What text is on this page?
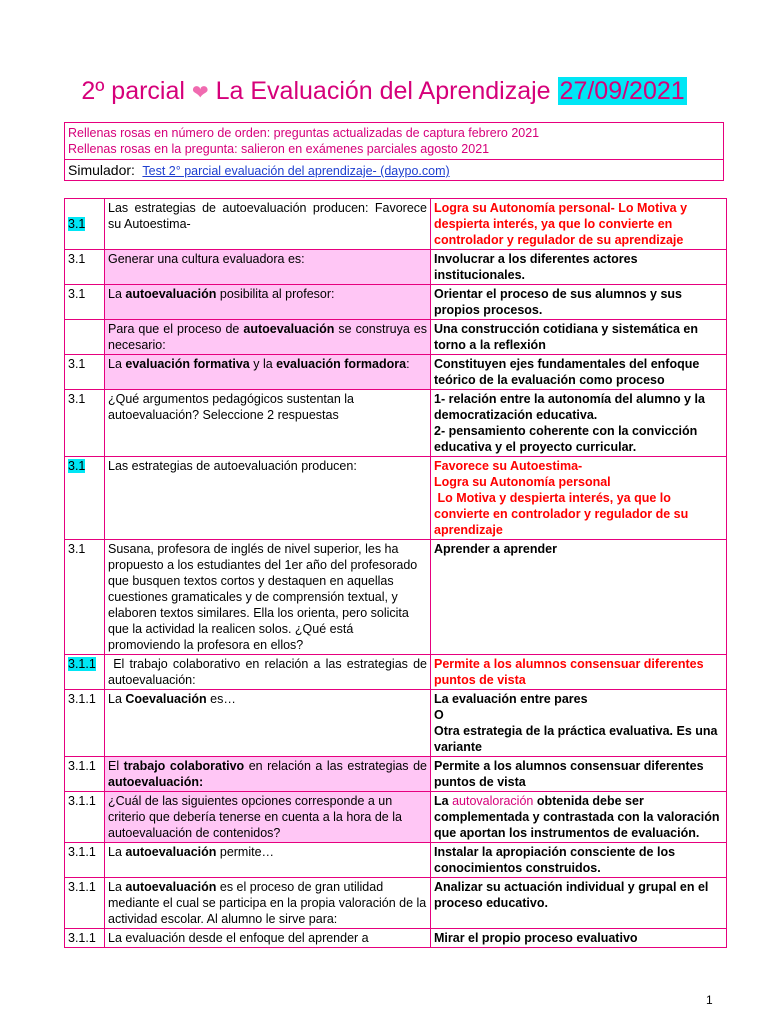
2º parcial ❤ La Evaluación del Aprendizaje 27/09/2021
Rellenas rosas en número de orden: preguntas actualizadas de captura febrero 2021
Rellenas rosas en la pregunta: salieron en exámenes parciales agosto 2021

Simulador: Test 2° parcial evaluación del aprendizaje- (daypo.com)
3.1	Las estrategias de autoevaluación producen: Favorece su Autoestima-	Logra su Autonomía personal- Lo Motiva y despierta interés, ya que lo convierte en controlador y regulador de su aprendizaje
3.1	Generar una cultura evaluadora es:	Involucrar a los diferentes actores institucionales.
3.1	La autoevaluación posibilita al profesor:	Orientar el proceso de sus alumnos y sus propios procesos.
	Para que el proceso de autoevaluación se construya es necesario:	Una construcción cotidiana y sistemática en torno a la reflexión
3.1	La evaluación formativa y la evaluación formadora:	Constituyen ejes fundamentales del enfoque teórico de la evaluación como proceso
3.1	¿Qué argumentos pedagógicos sustentan la autoevaluación? Seleccione 2 respuestas	1- relación entre la autonomía del alumno y la democratización educativa.
2- pensamiento coherente con la convicción educativa y el proyecto curricular.

3.1	Las estrategias de autoevaluación producen:	Favorece su Autoestima-
Logra su Autonomía personal
Lo Motiva y despierta interés, ya que lo convierte en controlador y regulador de su aprendizaje

3.1	Susana, profesora de inglés de nivel superior, les ha propuesto a los estudiantes del 1er año del profesorado que busquen textos cortos y destaquen en aquellas cuestiones gramaticales y de comprensión textual, y elaboren textos similares. Ella los orienta, pero solicita que la actividad la realicen solos. ¿Qué está promoviendo la profesora en ellos?	Aprender a aprender
3.1.1	El trabajo colaborativo en relación a las estrategias de autoevaluación:	Permite a los alumnos consensuar diferentes puntos de vista
3.1.1	La Coevaluación es…	La evaluación entre pares
O
Otra estrategia de la práctica evaluativa. Es una variante

3.1.1	El trabajo colaborativo en relación a las estrategias de autoevaluación:	Permite a los alumnos consensuar diferentes puntos de vista
3.1.1	¿Cuál de las siguientes opciones corresponde a un criterio que debería tenerse en cuenta a la hora de la autoevaluación de contenidos?	La autovaloración obtenida debe ser complementada y contrastada con la valoración que aportan los instrumentos de evaluación.
3.1.1	La autoevaluación permite…	Instalar la apropiación consciente de los conocimientos construidos.
3.1.1	La autoevaluación es el proceso de gran utilidad mediante el cual se participa en la propia valoración de la actividad escolar. Al alumno le sirve para:	Analizar su actuación individual y grupal en el proceso educativo.
3.1.1	La evaluación desde el enfoque del aprender a	Mirar el propio proceso evaluativo
1
